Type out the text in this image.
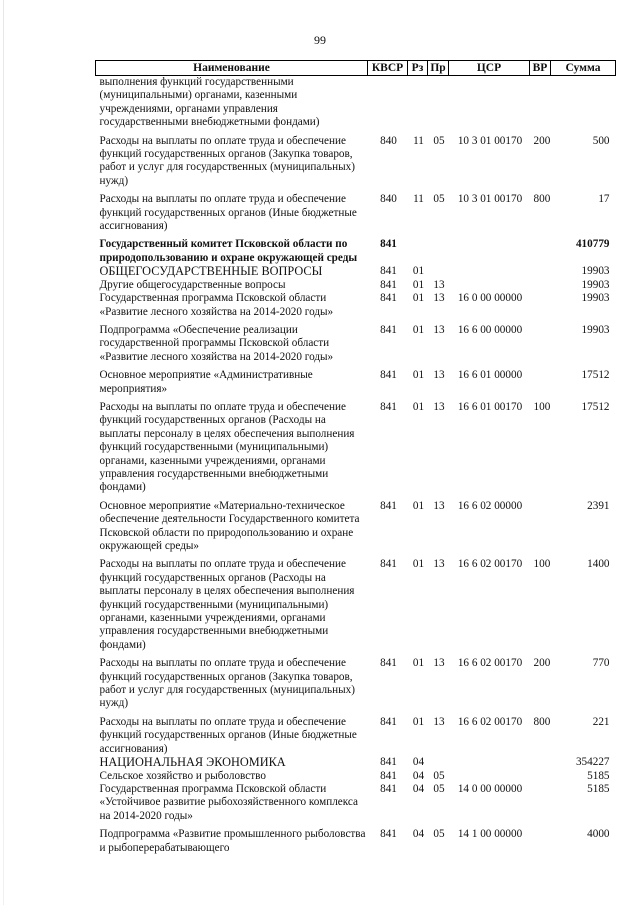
99
Наименование	КВСР	Рз	Пр	ЦСР	ВР	Сумма
выполнения функций государственными (муниципальными) органами, казенными учреждениями, органами управления государственными внебюджетными фондами)						
Расходы на выплаты по оплате труда и обеспечение функций государственных органов (Закупка товаров, работ и услуг для государственных (муниципальных) нужд)	840	11	05	10 3 01 00170	200	500
Расходы на выплаты по оплате труда и обеспечение функций государственных органов (Иные бюджетные ассигнования)	840	11	05	10 3 01 00170	800	17
Государственный комитет Псковской области по природопользованию и охране окружающей среды	841					410779
ОБЩЕГОСУДАРСТВЕННЫЕ ВОПРОСЫ	841	01				19903
Другие общегосударственные вопросы	841	01	13			19903
Государственная программа Псковской области «Развитие лесного хозяйства на 2014-2020 годы»	841	01	13	16 0 00 00000		19903
Подпрограмма «Обеспечение реализации государственной программы Псковской области «Развитие лесного хозяйства на 2014-2020 годы»	841	01	13	16 6 00 00000		19903
Основное мероприятие «Административные мероприятия»	841	01	13	16 6 01 00000		17512
Расходы на выплаты по оплате труда и обеспечение функций государственных органов (Расходы на выплаты персоналу в целях обеспечения выполнения функций государственными (муниципальными) органами, казенными учреждениями, органами управления государственными внебюджетными фондами)	841	01	13	16 6 01 00170	100	17512
Основное мероприятие «Материально-техническое обеспечение деятельности Государственного комитета Псковской области по природопользованию и охране окружающей среды»	841	01	13	16 6 02 00000		2391
Расходы на выплаты по оплате труда и обеспечение функций государственных органов (Расходы на выплаты персоналу в целях обеспечения выполнения функций государственными (муниципальными) органами, казенными учреждениями, органами управления государственными внебюджетными фондами)	841	01	13	16 6 02 00170	100	1400
Расходы на выплаты по оплате труда и обеспечение функций государственных органов (Закупка товаров, работ и услуг для государственных (муниципальных) нужд)	841	01	13	16 6 02 00170	200	770
Расходы на выплаты по оплате труда и обеспечение функций государственных органов (Иные бюджетные ассигнования)	841	01	13	16 6 02 00170	800	221
НАЦИОНАЛЬНАЯ ЭКОНОМИКА	841	04				354227
Сельское хозяйство и рыболовство	841	04	05			5185
Государственная программа Псковской области «Устойчивое развитие рыбохозяйственного комплекса на 2014-2020 годы»	841	04	05	14 0 00 00000		5185
Подпрограмма «Развитие промышленного рыболовства и рыбоперерабатывающего	841	04	05	14 1 00 00000		4000
